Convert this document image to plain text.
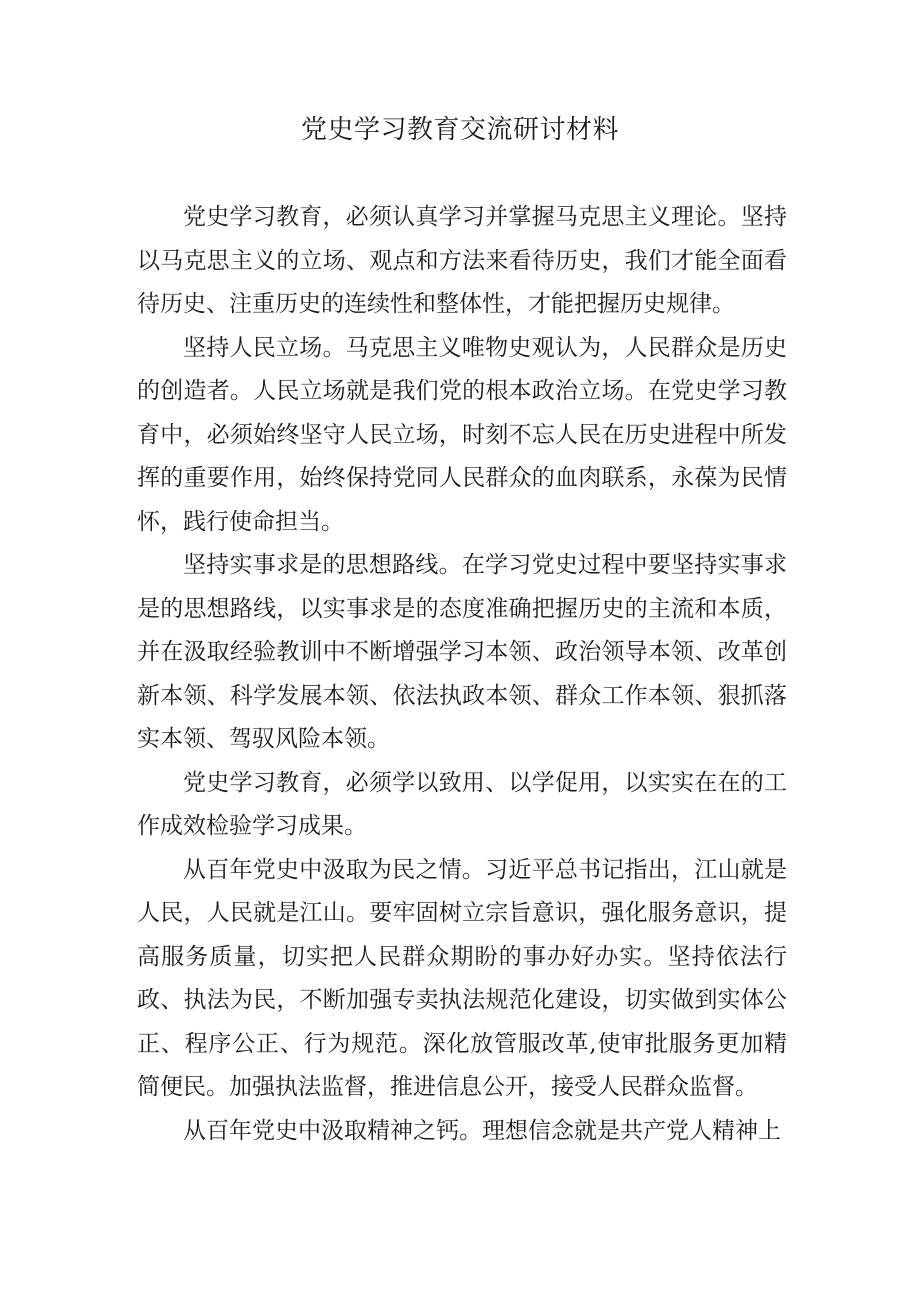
党史学习教育交流研讨材料

党史学习教育，必须认真学习并掌握马克思主义理论。坚持以马克思主义的立场、观点和方法来看待历史，我们才能全面看待历史、注重历史的连续性和整体性，才能把握历史规律。

坚持人民立场。马克思主义唯物史观认为，人民群众是历史的创造者。人民立场就是我们党的根本政治立场。在党史学习教育中，必须始终坚守人民立场，时刻不忘人民在历史进程中所发挥的重要作用，始终保持党同人民群众的血肉联系，永葆为民情怀，践行使命担当。

坚持实事求是的思想路线。在学习党史过程中要坚持实事求是的思想路线，以实事求是的态度准确把握历史的主流和本质，并在汲取经验教训中不断增强学习本领、政治领导本领、改革创新本领、科学发展本领、依法执政本领、群众工作本领、狠抓落实本领、驾驭风险本领。

党史学习教育，必须学以致用、以学促用，以实实在在的工作成效检验学习成果。

从百年党史中汲取为民之情。习近平总书记指出，江山就是人民，人民就是江山。要牢固树立宗旨意识，强化服务意识，提高服务质量，切实把人民群众期盼的事办好办实。坚持依法行政、执法为民，不断加强专卖执法规范化建设，切实做到实体公正、程序公正、行为规范。深化放管服改革,使审批服务更加精简便民。加强执法监督，推进信息公开，接受人民群众监督。

从百年党史中汲取精神之钙。理想信念就是共产党人精神上
